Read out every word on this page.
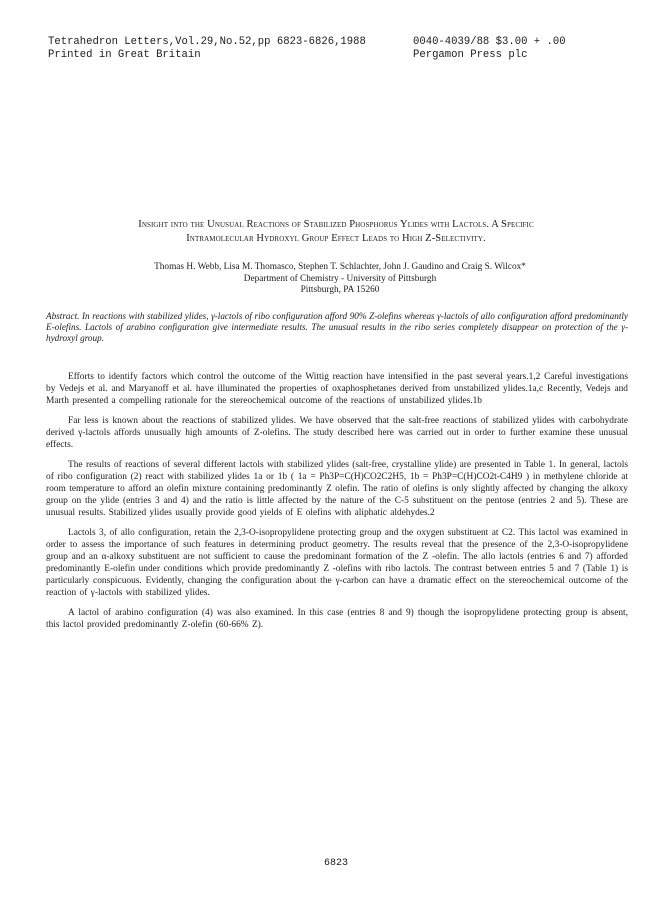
Tetrahedron Letters,Vol.29,No.52,pp 6823-6826,1988	0040-4039/88 $3.00 + .00
Printed in Great Britain	Pergamon Press plc
Insight into the Unusual Reactions of Stabilized Phosphorus Ylides with Lactols. A Specific
Intramolecular Hydroxyl Group Effect Leads to High Z-Selectivity.
Thomas H. Webb, Lisa M. Thomasco, Stephen T. Schlachter, John J. Gaudino and Craig S. Wilcox*
Department of Chemistry - University of Pittsburgh
Pittsburgh, PA 15260
Abstract. In reactions with stabilized ylides, γ-lactols of ribo configuration afford 90% Z-olefins whereas γ-lactols of allo configuration afford predominantly E-olefins. Lactols of arabino configuration give intermediate results. The unusual results in the ribo series completely disappear on protection of the γ-hydroxyl group.

Efforts to identify factors which control the outcome of the Wittig reaction have intensified in the past several years.1,2 Careful investigations by Vedejs et al. and Maryanoff et al. have illuminated the properties of oxaphosphetanes derived from unstabilized ylides.1a,c Recently, Vedejs and Marth presented a compelling rationale for the stereochemical outcome of the reactions of unstabilized ylides.1b

Far less is known about the reactions of stabilized ylides. We have observed that the salt-free reactions of stabilized ylides with carbohydrate derived γ-lactols affords unusually high amounts of Z-olefins. The study described here was carried out in order to further examine these unusual effects.

The results of reactions of several different lactols with stabilized ylides (salt-free, crystalline ylide) are presented in Table 1. In general, lactols of ribo configuration (2) react with stabilized ylides 1a or 1b ( 1a = Ph3P=C(H)CO2C2H5, 1b = Ph3P=C(H)CO2t-C4H9 ) in methylene chloride at room temperature to afford an olefin mixture containing predominantly Z olefin. The ratio of olefins is only slightly affected by changing the alkoxy group on the ylide (entries 3 and 4) and the ratio is little affected by the nature of the C-5 substituent on the pentose (entries 2 and 5). These are unusual results. Stabilized ylides usually provide good yields of E olefins with aliphatic aldehydes.2

Lactols 3, of allo configuration, retain the 2,3-O-isopropylidene protecting group and the oxygen substituent at C2. This lactol was examined in order to assess the importance of such features in determining product geometry. The results reveal that the presence of the 2,3-O-isopropylidene group and an α-alkoxy substituent are not sufficient to cause the predominant formation of the Z -olefin. The allo lactols (entries 6 and 7) afforded predominantly E-olefin under conditions which provide predominantly Z -olefins with ribo lactols. The contrast between entries 5 and 7 (Table 1) is particularly conspicuous. Evidently, changing the configuration about the γ-carbon can have a dramatic effect on the stereochemical outcome of the reaction of γ-lactols with stabilized ylides.

A lactol of arabino configuration (4) was also examined. In this case (entries 8 and 9) though the isopropylidene protecting group is absent, this lactol provided predominantly Z-olefin (60-66% Z).

6823
